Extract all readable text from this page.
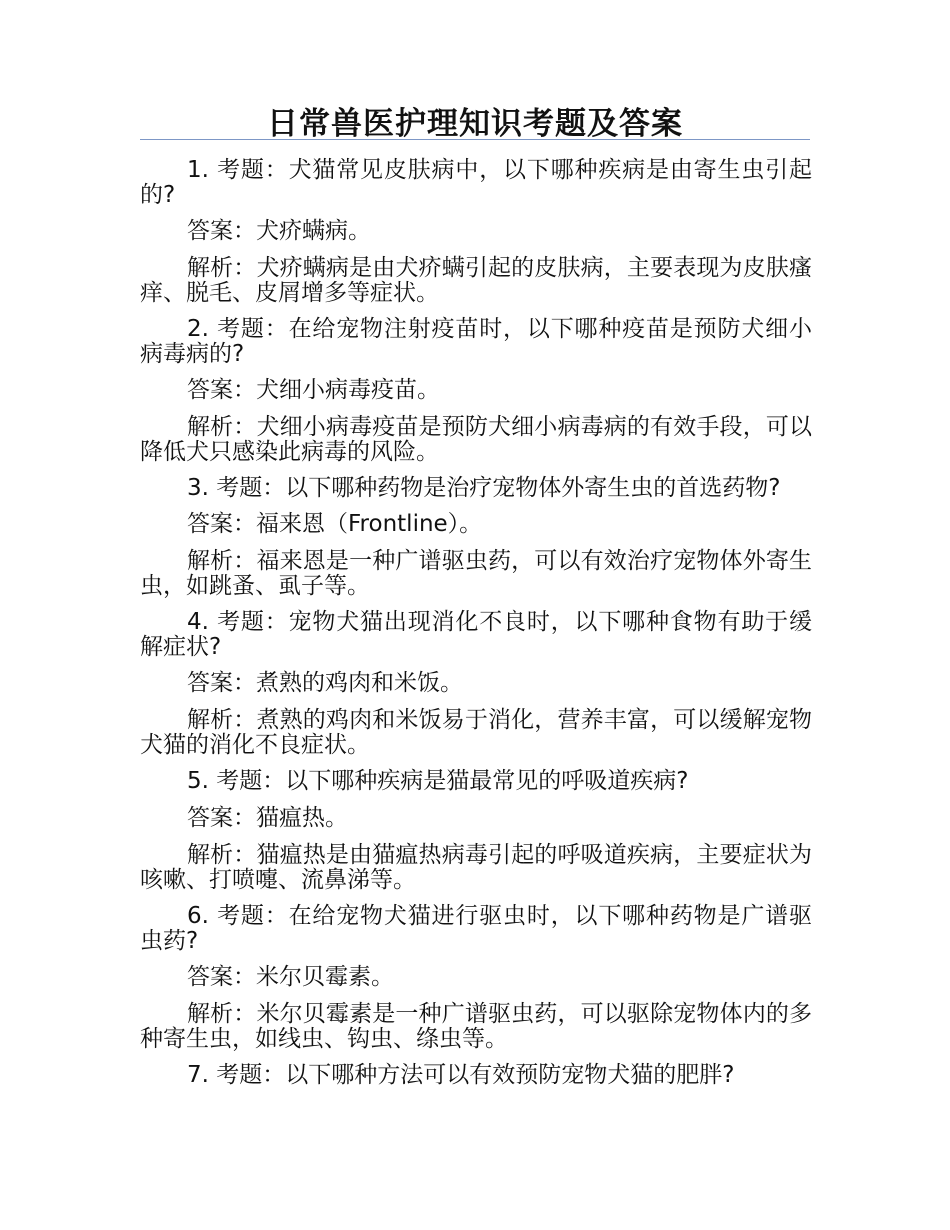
日常兽医护理知识考题及答案

1. 考题：犬猫常见皮肤病中，以下哪种疾病是由寄生虫引起的?

答案：犬疥螨病。

解析：犬疥螨病是由犬疥螨引起的皮肤病，主要表现为皮肤瘙痒、脱毛、皮屑增多等症状。

2. 考题：在给宠物注射疫苗时，以下哪种疫苗是预防犬细小病毒病的?

答案：犬细小病毒疫苗。

解析：犬细小病毒疫苗是预防犬细小病毒病的有效手段，可以降低犬只感染此病毒的风险。

3. 考题：以下哪种药物是治疗宠物体外寄生虫的首选药物?

答案：福来恩（Frontline）。

解析：福来恩是一种广谱驱虫药，可以有效治疗宠物体外寄生虫，如跳蚤、虱子等。

4. 考题：宠物犬猫出现消化不良时，以下哪种食物有助于缓解症状?

答案：煮熟的鸡肉和米饭。

解析：煮熟的鸡肉和米饭易于消化，营养丰富，可以缓解宠物犬猫的消化不良症状。

5. 考题：以下哪种疾病是猫最常见的呼吸道疾病?

答案：猫瘟热。

解析：猫瘟热是由猫瘟热病毒引起的呼吸道疾病，主要症状为咳嗽、打喷嚏、流鼻涕等。

6. 考题：在给宠物犬猫进行驱虫时，以下哪种药物是广谱驱虫药?

答案：米尔贝霉素。

解析：米尔贝霉素是一种广谱驱虫药，可以驱除宠物体内的多种寄生虫，如线虫、钩虫、绦虫等。

7. 考题：以下哪种方法可以有效预防宠物犬猫的肥胖?
